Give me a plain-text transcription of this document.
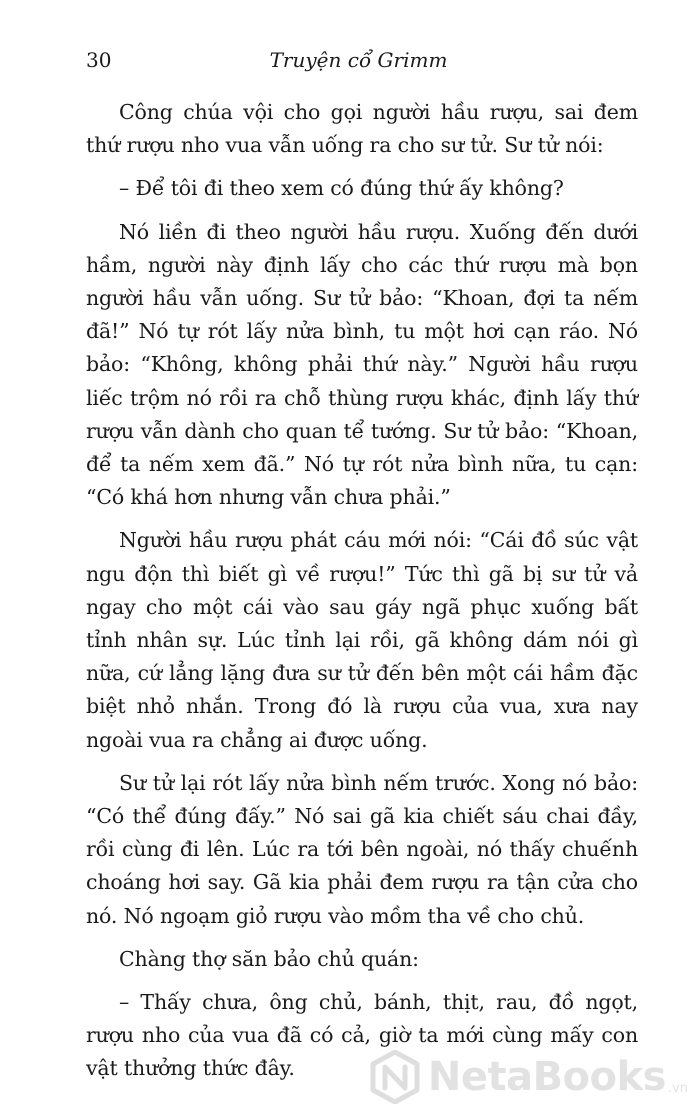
30	Truyện cổ Grimm

Công chúa vội cho gọi người hầu rượu, sai đem thứ rượu nho vua vẫn uống ra cho sư tử. Sư tử nói:

– Để tôi đi theo xem có đúng thứ ấy không?

Nó liền đi theo người hầu rượu. Xuống đến dưới hầm, người này định lấy cho các thứ rượu mà bọn người hầu vẫn uống. Sư tử bảo: “Khoan, đợi ta nếm đã!” Nó tự rót lấy nửa bình, tu một hơi cạn ráo. Nó bảo: “Không, không phải thứ này.” Người hầu rượu liếc trộm nó rồi ra chỗ thùng rượu khác, định lấy thứ rượu vẫn dành cho quan tể tướng. Sư tử bảo: “Khoan, để ta nếm xem đã.” Nó tự rót nửa bình nữa, tu cạn: “Có khá hơn nhưng vẫn chưa phải.”

Người hầu rượu phát cáu mới nói: “Cái đồ súc vật ngu độn thì biết gì về rượu!” Tức thì gã bị sư tử vả ngay cho một cái vào sau gáy ngã phục xuống bất tỉnh nhân sự. Lúc tỉnh lại rồi, gã không dám nói gì nữa, cứ lẳng lặng đưa sư tử đến bên một cái hầm đặc biệt nhỏ nhắn. Trong đó là rượu của vua, xưa nay ngoài vua ra chẳng ai được uống.

Sư tử lại rót lấy nửa bình nếm trước. Xong nó bảo: “Có thể đúng đấy.” Nó sai gã kia chiết sáu chai đầy, rồi cùng đi lên. Lúc ra tới bên ngoài, nó thấy chuếnh choáng hơi say. Gã kia phải đem rượu ra tận cửa cho nó. Nó ngoạm giỏ rượu vào mồm tha về cho chủ.

Chàng thợ săn bảo chủ quán:

– Thấy chưa, ông chủ, bánh, thịt, rau, đồ ngọt, rượu nho của vua đã có cả, giờ ta mới cùng mấy con vật thưởng thức đây.	NetaBooks .vn
